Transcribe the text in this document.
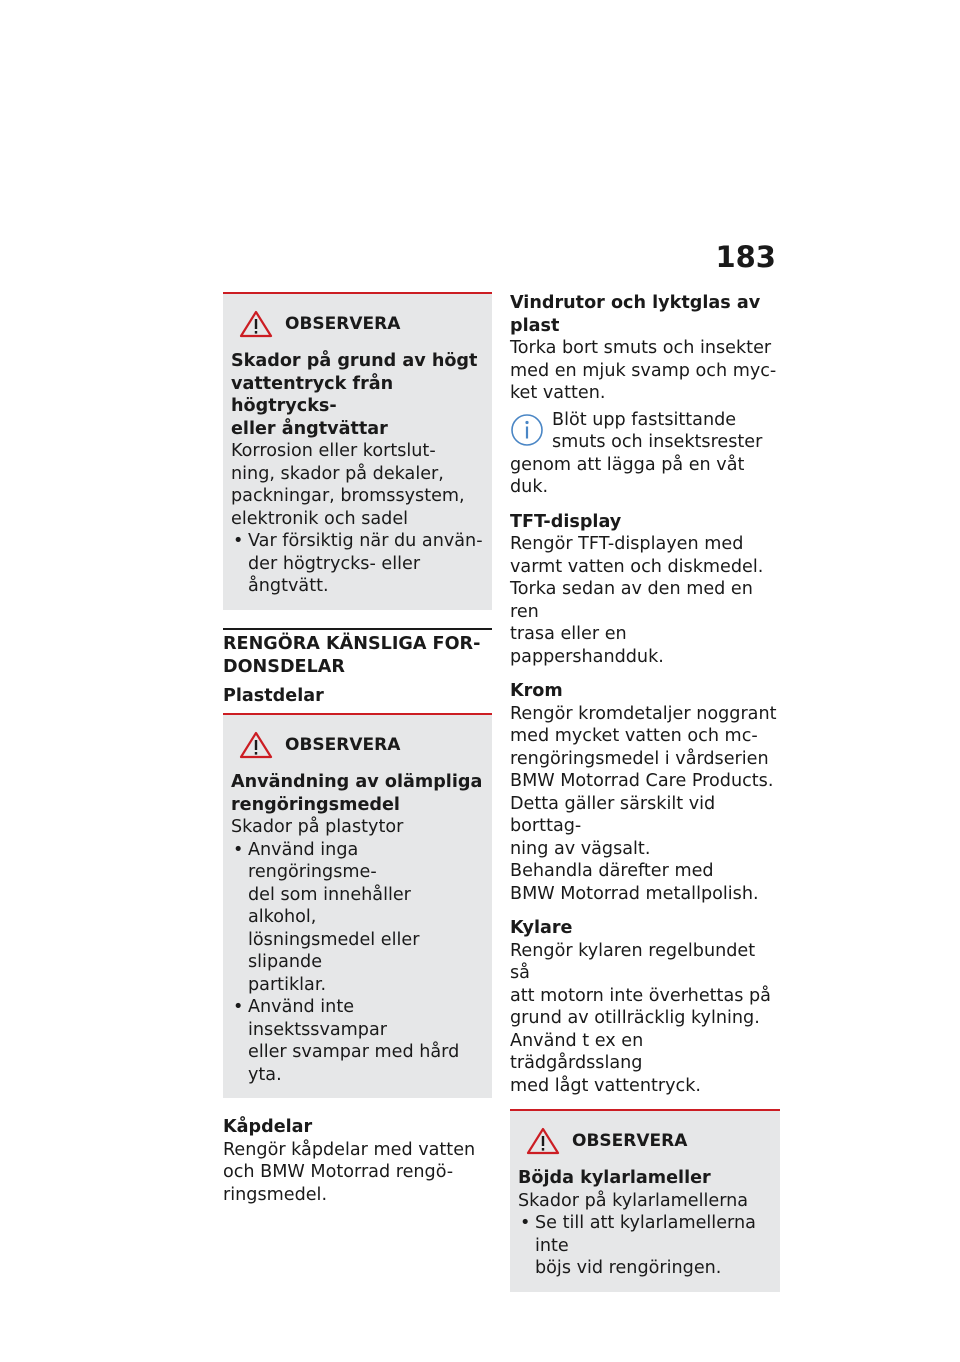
183
OBSERVERA

Skador på grund av högt

vattentryck från högtrycks-

eller ångtvättar

Korrosion eller kortslut-

ning, skador på dekaler,

packningar, bromssystem,

elektronik och sadel

• Var försiktig när du använ-

der högtrycks- eller ångtvätt.

RENGÖRA KÄNSLIGA FOR-
DONSDELAR

Plastdelar

OBSERVERA

Användning av olämpliga

rengöringsmedel

Skador på plastytor

• Använd inga rengöringsme-

del som innehåller alkohol,

lösningsmedel eller slipande

partiklar.

• Använd inte insektssvampar

eller svampar med hård yta.

Kåpdelar

Rengör kåpdelar med vatten

och BMW Motorrad rengö-

ringsmedel.

Vindrutor och lyktglas av plast

Torka bort smuts och insekter

med en mjuk svamp och myc-

ket vatten.

Blöt upp fastsittande

smuts och insektsrester

genom att lägga på en våt duk.

TFT-display

Rengör TFT-displayen med

varmt vatten och diskmedel.

Torka sedan av den med en ren

trasa eller en pappershandduk.

Krom

Rengör kromdetaljer noggrant

med mycket vatten och mc-

rengöringsmedel i vårdserien

BMW Motorrad Care Products.

Detta gäller särskilt vid borttag-

ning av vägsalt.

Behandla därefter med

BMW Motorrad metallpolish.

Kylare

Rengör kylaren regelbundet så

att motorn inte överhettas på

grund av otillräcklig kylning.

Använd t ex en trädgårdsslang

med lågt vattentryck.

OBSERVERA

Böjda kylarlameller

Skador på kylarlamellerna

• Se till att kylarlamellerna inte

böjs vid rengöringen.
